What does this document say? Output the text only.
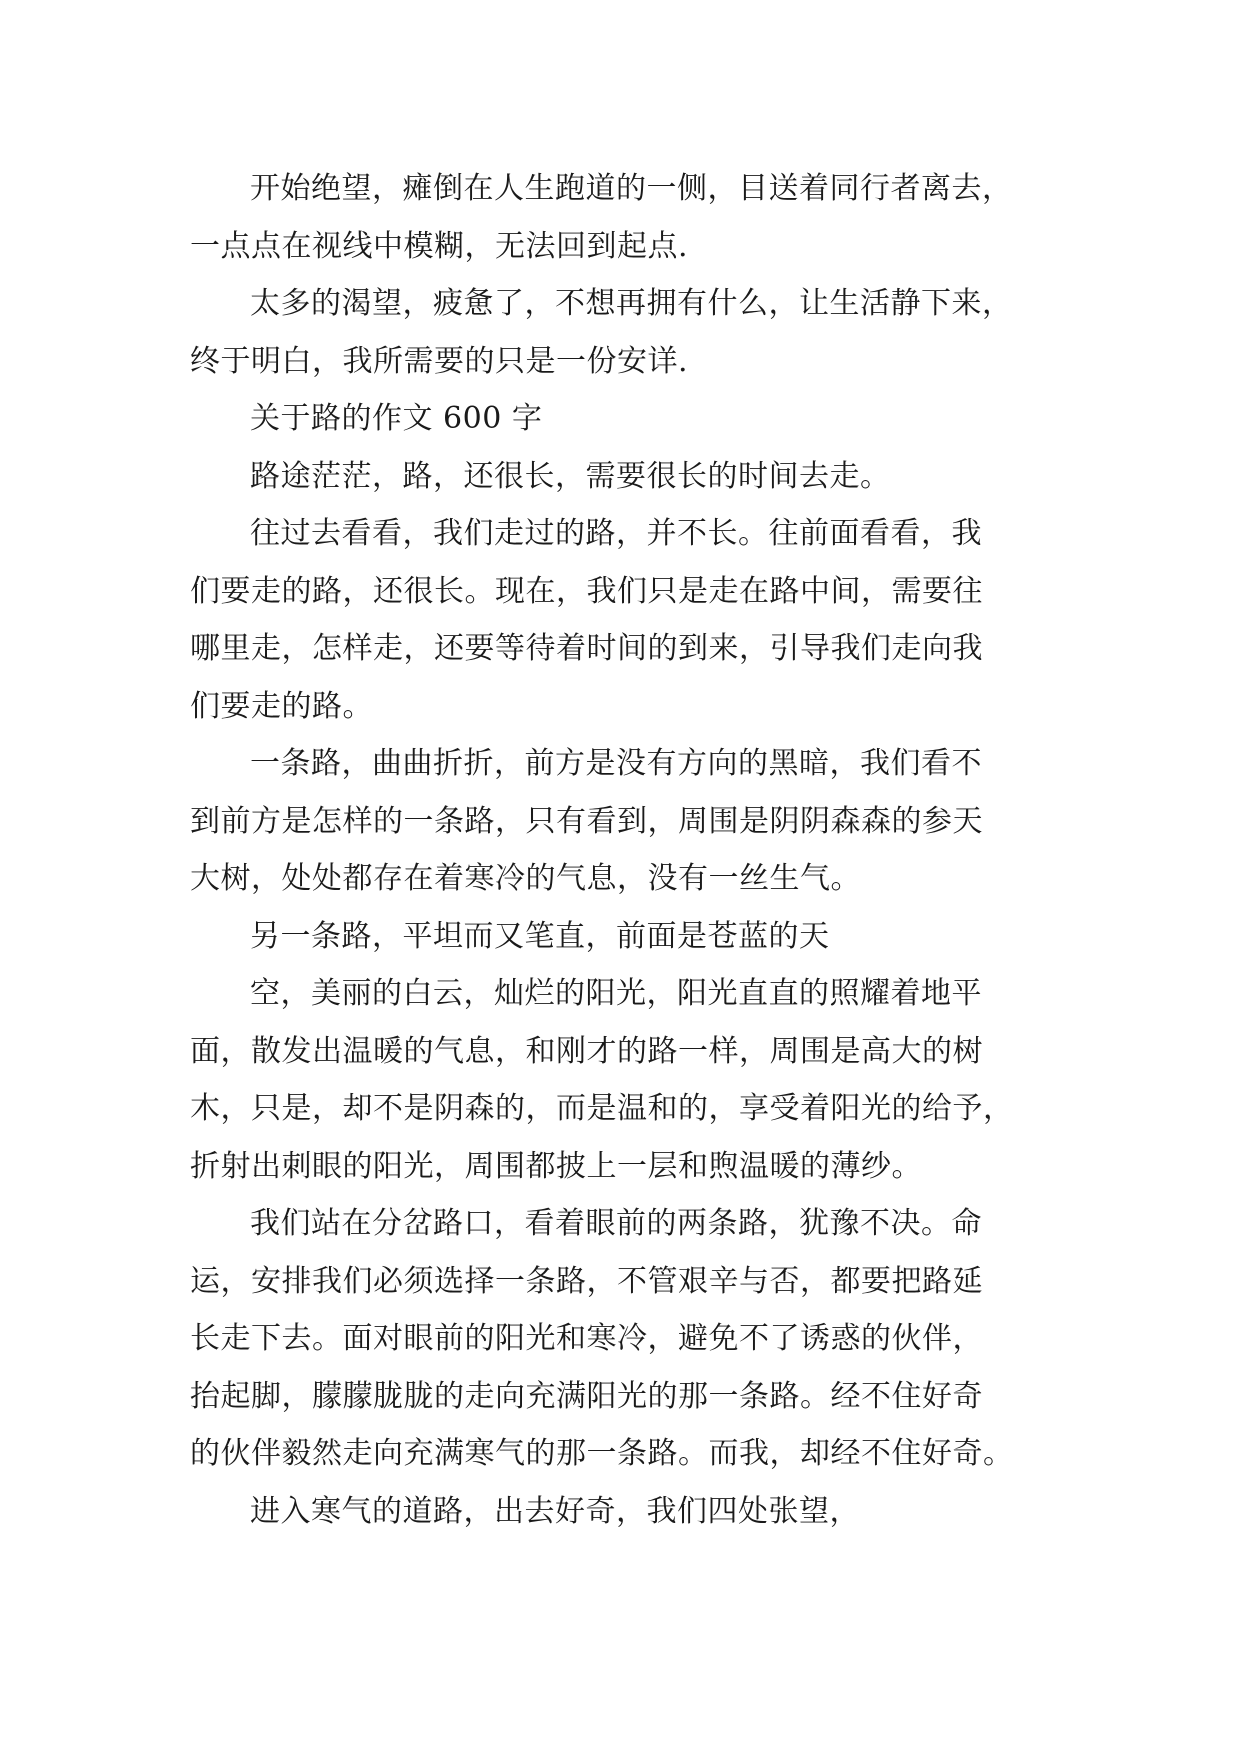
开始绝望，瘫倒在人生跑道的一侧，目送着同行者离去，
一点点在视线中模糊，无法回到起点.
太多的渴望，疲惫了，不想再拥有什么，让生活静下来，
终于明白，我所需要的只是一份安详.
关于路的作文 600 字
路途茫茫，路，还很长，需要很长的时间去走。
往过去看看，我们走过的路，并不长。往前面看看，我
们要走的路，还很长。现在，我们只是走在路中间，需要往
哪里走，怎样走，还要等待着时间的到来，引导我们走向我
们要走的路。
一条路，曲曲折折，前方是没有方向的黑暗，我们看不
到前方是怎样的一条路，只有看到，周围是阴阴森森的参天
大树，处处都存在着寒冷的气息，没有一丝生气。
另一条路，平坦而又笔直，前面是苍蓝的天
空，美丽的白云，灿烂的阳光，阳光直直的照耀着地平
面，散发出温暖的气息，和刚才的路一样，周围是高大的树
木，只是，却不是阴森的，而是温和的，享受着阳光的给予，
折射出刺眼的阳光，周围都披上一层和煦温暖的薄纱。
我们站在分岔路口，看着眼前的两条路，犹豫不决。命
运，安排我们必须选择一条路，不管艰辛与否，都要把路延
长走下去。面对眼前的阳光和寒冷，避免不了诱惑的伙伴，
抬起脚，朦朦胧胧的走向充满阳光的那一条路。经不住好奇
的伙伴毅然走向充满寒气的那一条路。而我，却经不住好奇。
进入寒气的道路，出去好奇，我们四处张望，
